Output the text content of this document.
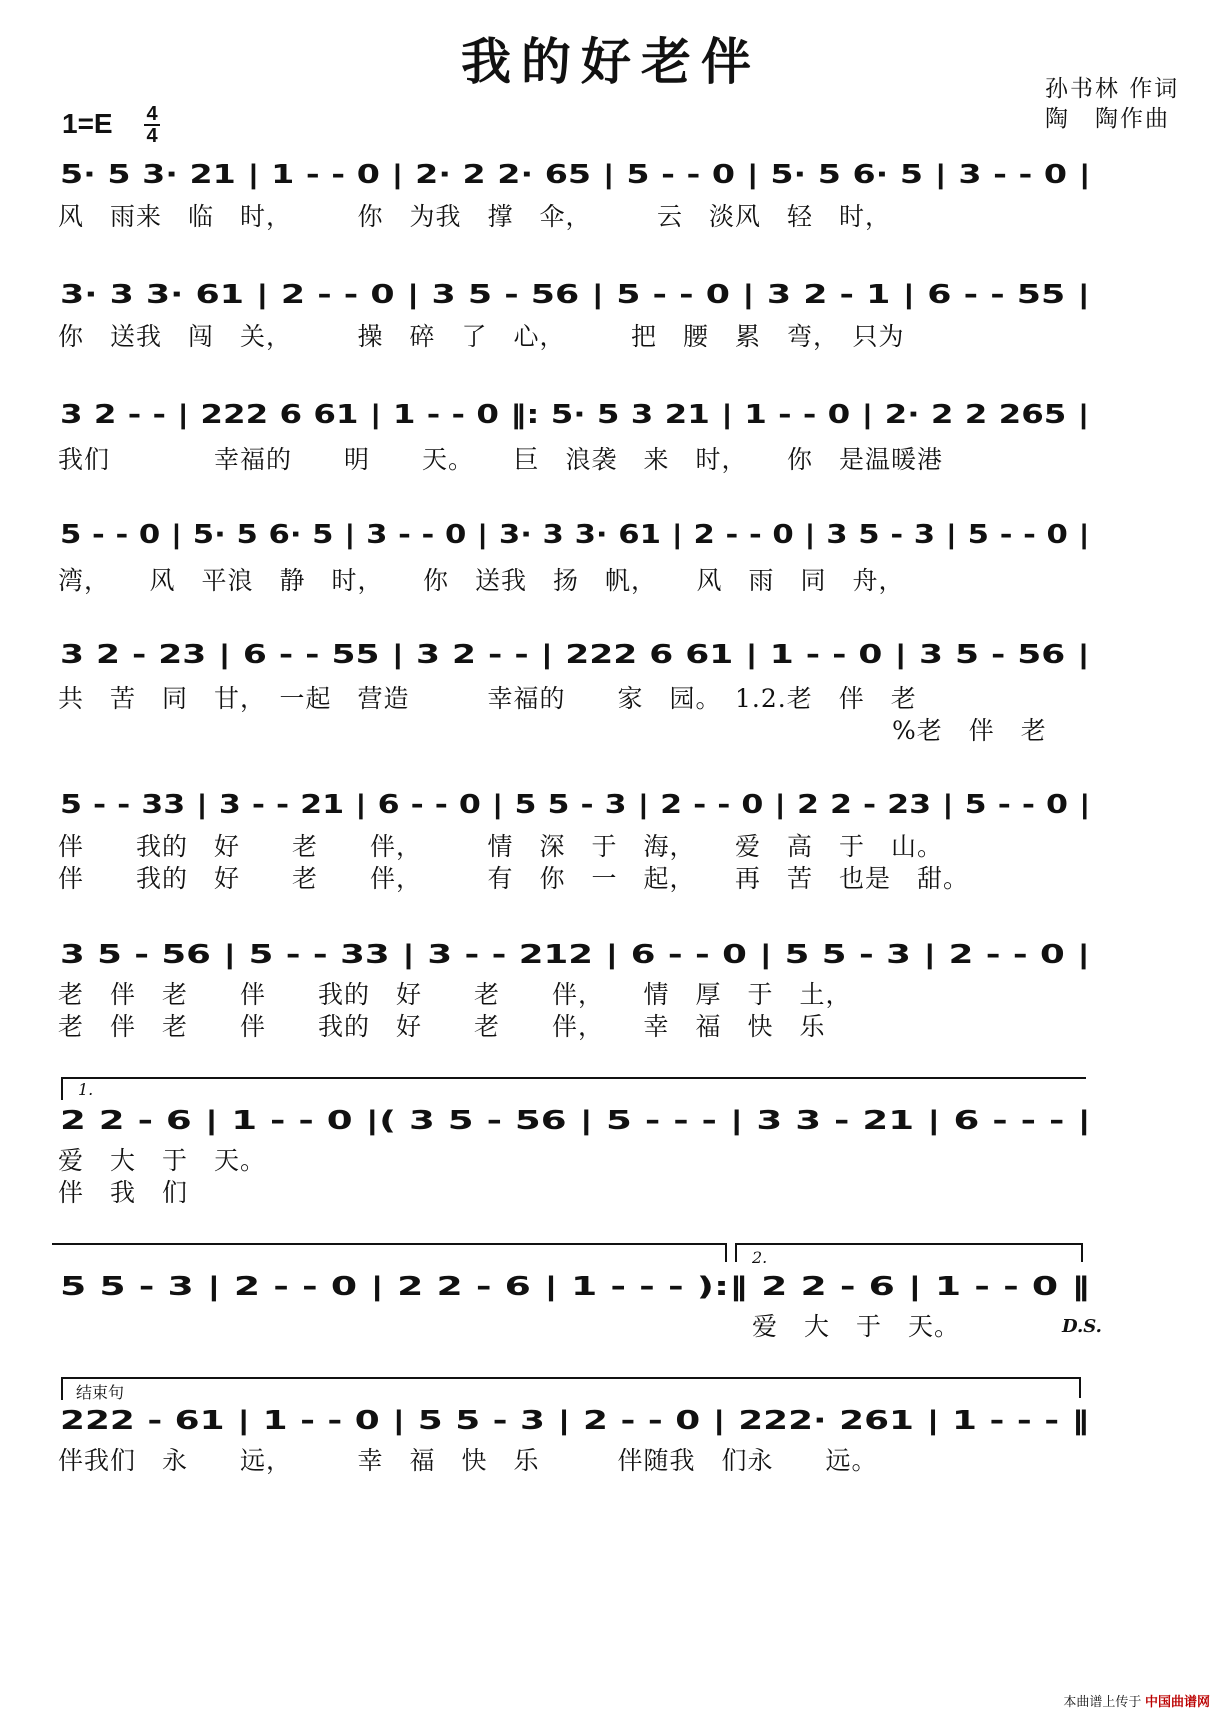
我的好老伴	孙书林 作词
陶　陶作曲
1=E 4
4
5· 5 3· 21 | 1 - - 0 | 2· 2 2· 65 | 5 - - 0 | 5· 5 6· 5 | 3 - - 0 |
风　雨来　临　时，　　　你　为我　撑　伞，　　　云　淡风　轻　时，
3· 3 3· 61 | 2 - - 0 | 3 5 - 56 | 5 - - 0 | 3 2 - 1 | 6 - - 55 |
你　送我　闯　关，　　　操　碎　了　心，　　　把　腰　累　弯，　只为
3 2 - - | 222 6 61 | 1 - - 0 ‖: 5· 5 3 21 | 1 - - 0 | 2· 2 2 265 |
我们　　　　幸福的　　明　　天。　　巨　浪袭　来　时，　　你　是温暖港
5 - - 0 | 5· 5 6· 5 | 3 - - 0 | 3· 3 3· 61 | 2 - - 0 | 3 5 - 3 | 5 - - 0 |
湾，　　风　平浪　静　时，　　你　送我　扬　帆，　　风　雨　同　舟，
3 2 - 23 | 6 - - 55 | 3 2 - - | 222 6 61 | 1 - - 0 | 3 5 - 56 |
共　苦　同　甘，　一起　营造　　　幸福的　　家　园。　1.2.老　伴　老
%老　伴　老
5 - - 33 | 3 - - 21 | 6 - - 0 | 5 5 - 3 | 2 - - 0 | 2 2 - 23 | 5 - - 0 |
伴　　我的　好　　老　　伴，　　　情　深　于　海，　　爱　高　于　山。
伴　　我的　好　　老　　伴，　　　有　你　一　起，　　再　苦　也是　甜。
3 5 - 56 | 5 - - 33 | 3 - - 212 | 6 - - 0 | 5 5 - 3 | 2 - - 0 |
老　伴　老　　伴　　我的　好　　老　　伴，　　情　厚　于　土，
老　伴　老　　伴　　我的　好　　老　　伴，　　幸　福　快　乐
1.
2 2 - 6 | 1 - - 0 |( 3 5 - 56 | 5 - - - | 3 3 - 21 | 6 - - - |
爱　大　于　天。
伴　我　们
2.
5 5 - 3 | 2 - - 0 | 2 2 - 6 | 1 - - - ):‖ 2 2 - 6 | 1 - - 0 ‖
爱　大　于　天。	D.S.
结束句
222 - 61 | 1 - - 0 | 5 5 - 3 | 2 - - 0 | 222· 261 | 1 - - - ‖
伴我们　永　　远，　　　幸　福　快　乐　　　伴随我　们永　　远。
本曲谱上传于 中国曲谱网
